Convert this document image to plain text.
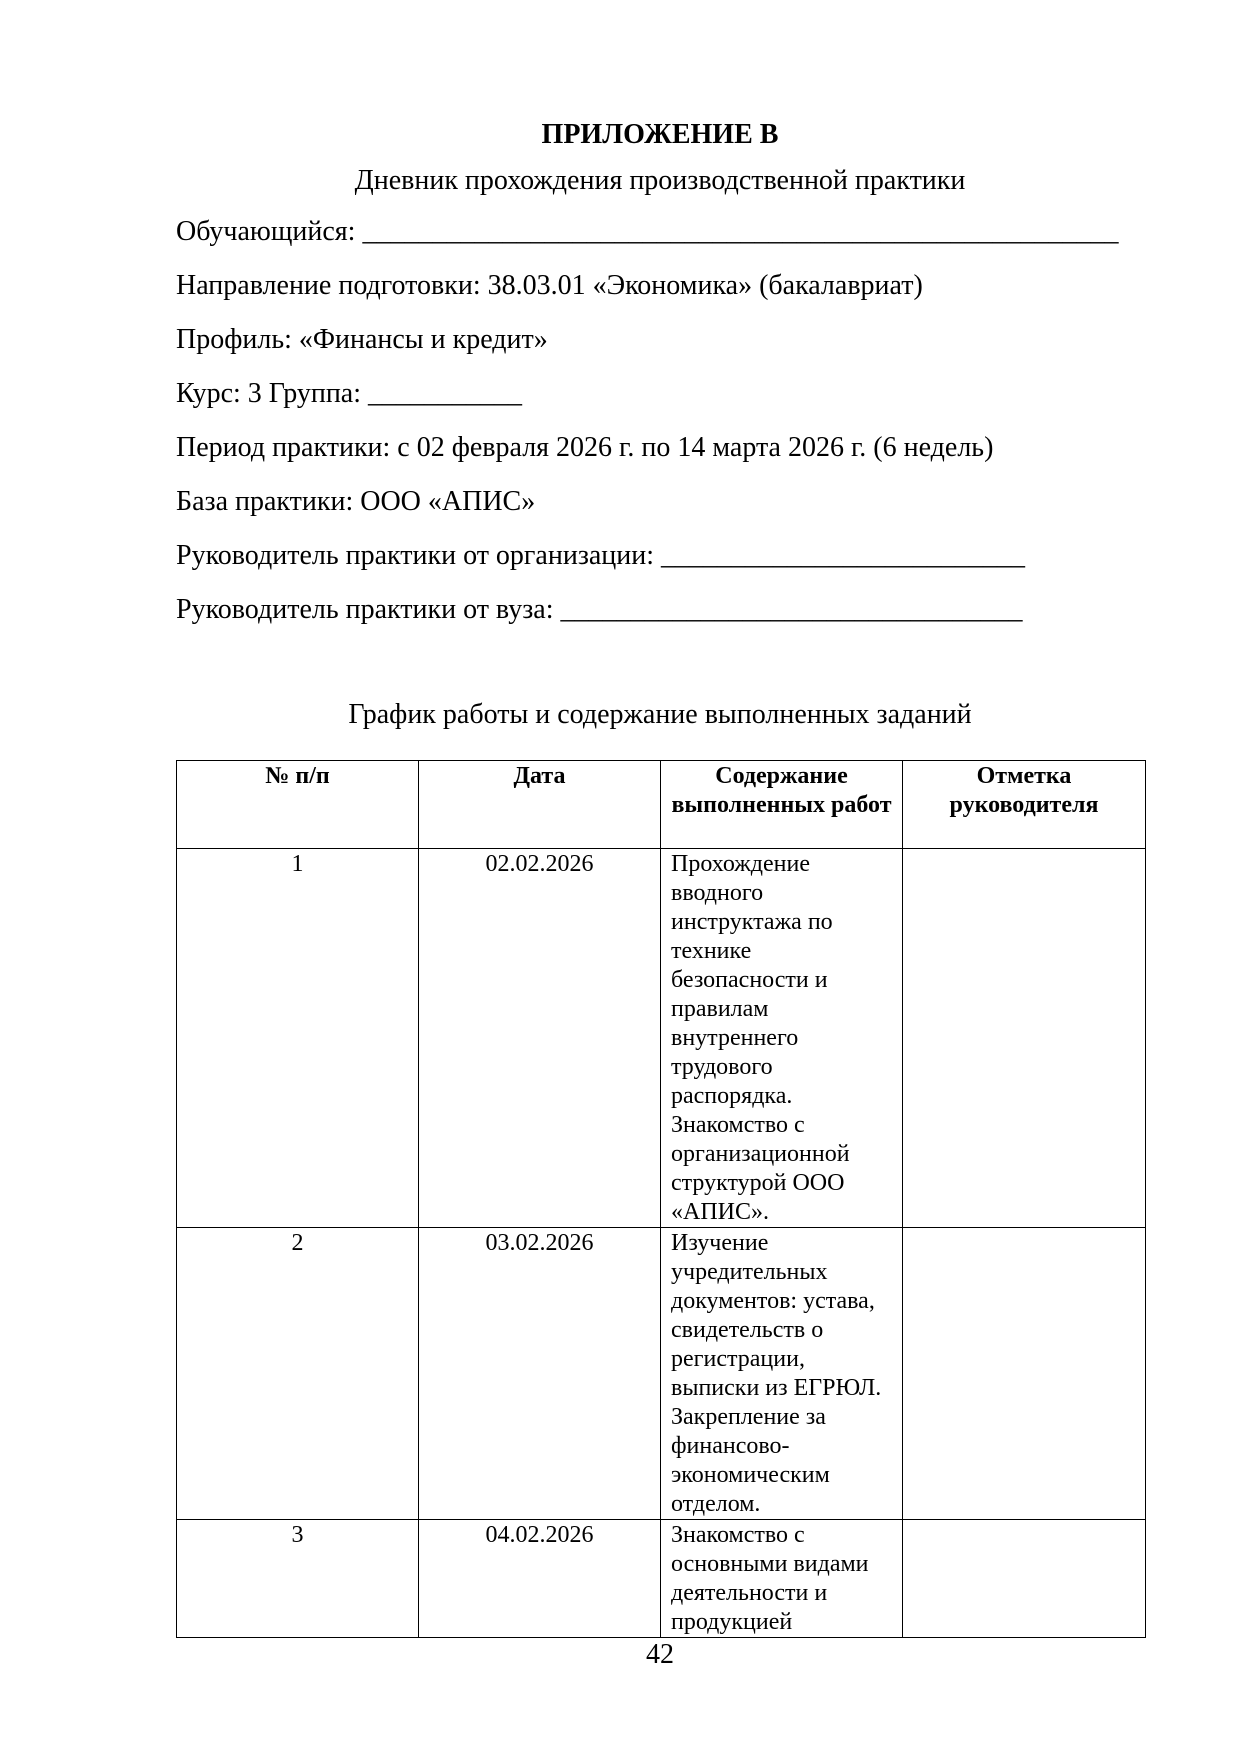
ПРИЛОЖЕНИЕ В
Дневник прохождения производственной практики
Обучающийся: ______________________________________________________
Направление подготовки: 38.03.01 «Экономика» (бакалавриат)
Профиль: «Финансы и кредит»
Курс: 3 Группа: ___________
Период практики: с 02 февраля 2026 г. по 14 марта 2026 г. (6 недель)
База практики: ООО «АПИС»
Руководитель практики от организации: __________________________
Руководитель практики от вуза: _________________________________
График работы и содержание выполненных заданий
№ п/п	Дата	Содержание выполненных работ	Отметка руководителя
1	02.02.2026	Прохождение вводного инструктажа по технике безопасности и правилам внутреннего трудового распорядка. Знакомство с организационной структурой ООО «АПИС».	
2	03.02.2026	Изучение учредительных документов: устава, свидетельств о регистрации, выписки из ЕГРЮЛ. Закрепление за финансово-экономическим отделом.	
3	04.02.2026	Знакомство с основными видами деятельности и продукцией	
42
